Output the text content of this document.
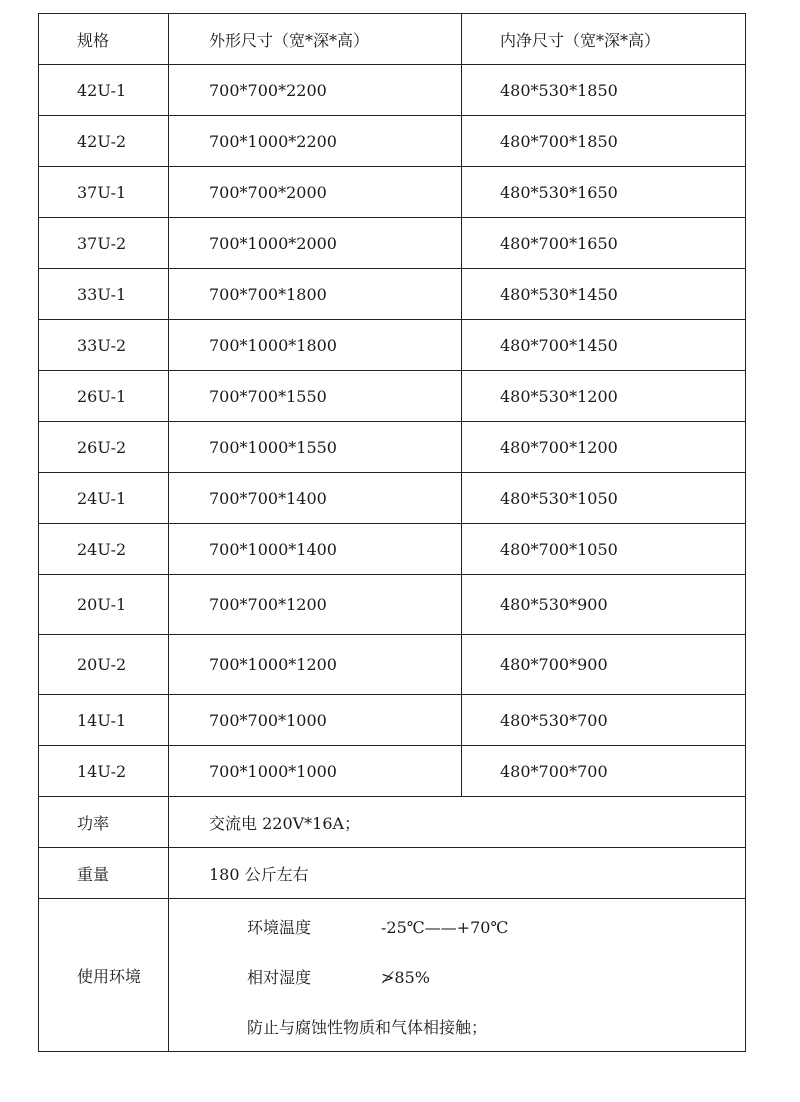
规格	外形尺寸（宽*深*高）	内净尺寸（宽*深*高）
42U-1	700*700*2200	480*530*1850
42U-2	700*1000*2200	480*700*1850
37U-1	700*700*2000	480*530*1650
37U-2	700*1000*2000	480*700*1650
33U-1	700*700*1800	480*530*1450
33U-2	700*1000*1800	480*700*1450
26U-1	700*700*1550	480*530*1200
26U-2	700*1000*1550	480*700*1200
24U-1	700*700*1400	480*530*1050
24U-2	700*1000*1400	480*700*1050
20U-1	700*700*1200	480*530*900
20U-2	700*1000*1200	480*700*900
14U-1	700*700*1000	480*530*700
14U-2	700*1000*1000	480*700*700
功率	交流电 220V*16A；	
重量	180 公斤左右	
使用环境	环境温度 -25℃——+70℃
相对湿度 ≯85%
防止与腐蚀性物质和气体相接触；	
